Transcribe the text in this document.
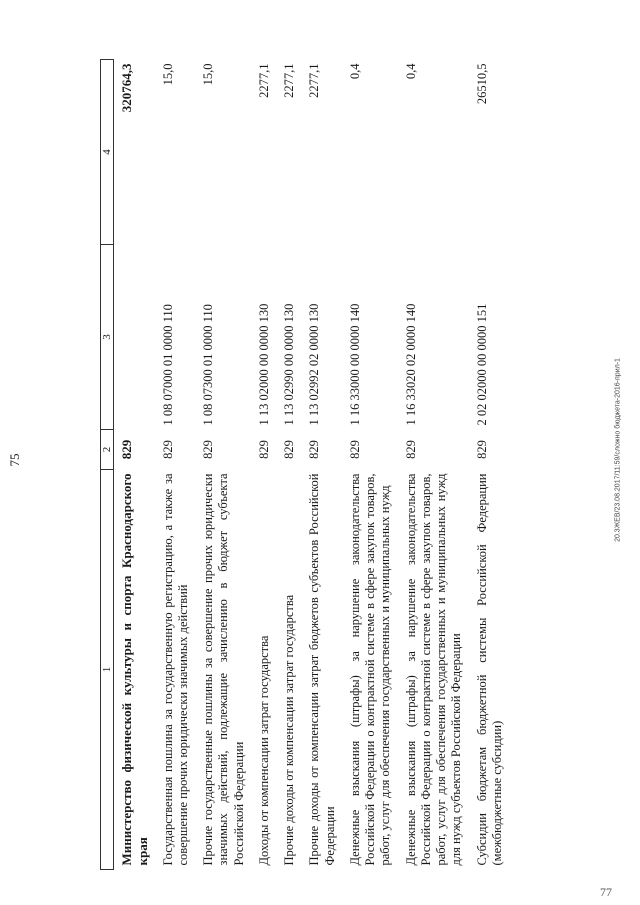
75	20.3ЖЕВ/23.08.2017/11:59/сложно бюджета-2016-прил-1
1	2	3	4
Министерство физической культуры и спорта Краснодарского края	829		320764,3
Государственная пошлина за государственную регистрацию, а также за совершение прочих юридически значимых действий	829	1 08 07000 01 0000 110	15,0
Прочие государственные пошлины за совершение прочих юридически значимых действий, подлежащие зачислению в бюджет субъекта Российской Федерации	829	1 08 07300 01 0000 110	15,0
Доходы от компенсации затрат государства	829	1 13 02000 00 0000 130	2277,1
Прочие доходы от компенсации затрат государства	829	1 13 02990 00 0000 130	2277,1
Прочие доходы от компенсации затрат бюджетов субъектов Российской Федерации	829	1 13 02992 02 0000 130	2277,1
Денежные взыскания (штрафы) за нарушение законодательства Российской Федерации о контрактной системе в сфере закупок товаров, работ, услуг для обеспечения государственных и муниципальных нужд	829	1 16 33000 00 0000 140	0,4
Денежные взыскания (штрафы) за нарушение законодательства Российской Федерации о контрактной системе в сфере закупок товаров, работ, услуг для обеспечения государственных и муниципальных нужд для нужд субъектов Российской Федерации	829	1 16 33020 02 0000 140	0,4
Субсидии бюджетам бюджетной системы Российской Федерации (межбюджетные субсидии)	829	2 02 02000 00 0000 151	26510,5
77
